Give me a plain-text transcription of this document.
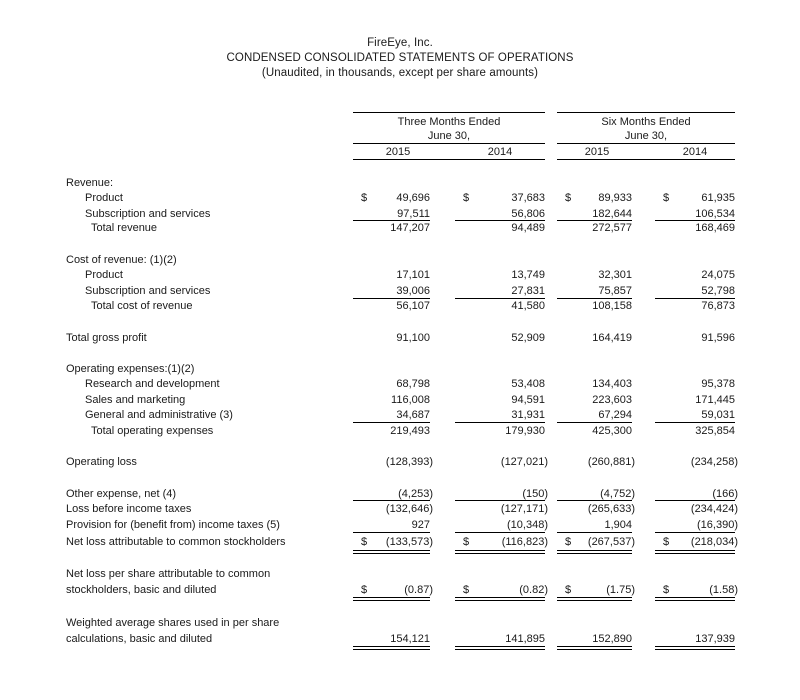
FireEye, Inc.
CONDENSED CONSOLIDATED STATEMENTS OF OPERATIONS
(Unaudited, in thousands, except per share amounts)
Three Months Ended
June 30,
Six Months Ended
June 30,
2015	2014	2015	2014
Revenue:
Product	$	49,696	$	37,683 $ 89,933	$	61,935
Subscription and services	97,511	56,806	182,644	106,534
Total revenue	147,207	94,489	272,577	168,469
Cost of revenue: (1)(2)
Product	17,101	13,749	32,301	24,075
Subscription and services	39,006	27,831	75,857	52,798
Total cost of revenue	56,107	41,580	108,158	76,873
Total gross profit	91,100	52,909	164,419	91,596
Operating expenses:(1)(2)
Research and development	68,798	53,408	134,403	95,378
Sales and marketing	116,008	94,591	223,603	171,445
General and administrative (3)	34,687	31,931	67,294	59,031
Total operating expenses	219,493	179,930	425,300	325,854
Operating loss	(128,393)	(127,021)	(260,881)	(234,258)
Other expense, net (4)	(4,253)	(150)	(4,752)	(166)
Loss before income taxes	(132,646)	(127,171)	(265,633)	(234,424)
Provision for (benefit from) income taxes (5)	927	(10,348)	1,904	(16,390)
Net loss attributable to common stockholders	$ (133,573)	$	(116,823) $ (267,537)	$ (218,034)
Net loss per share attributable to common
stockholders, basic and diluted	$	(0.87)	$	(0.82) $	(1.75)	$	(1.58)
Weighted average shares used in per share
calculations, basic and diluted	154,121	141,895	152,890	137,939
